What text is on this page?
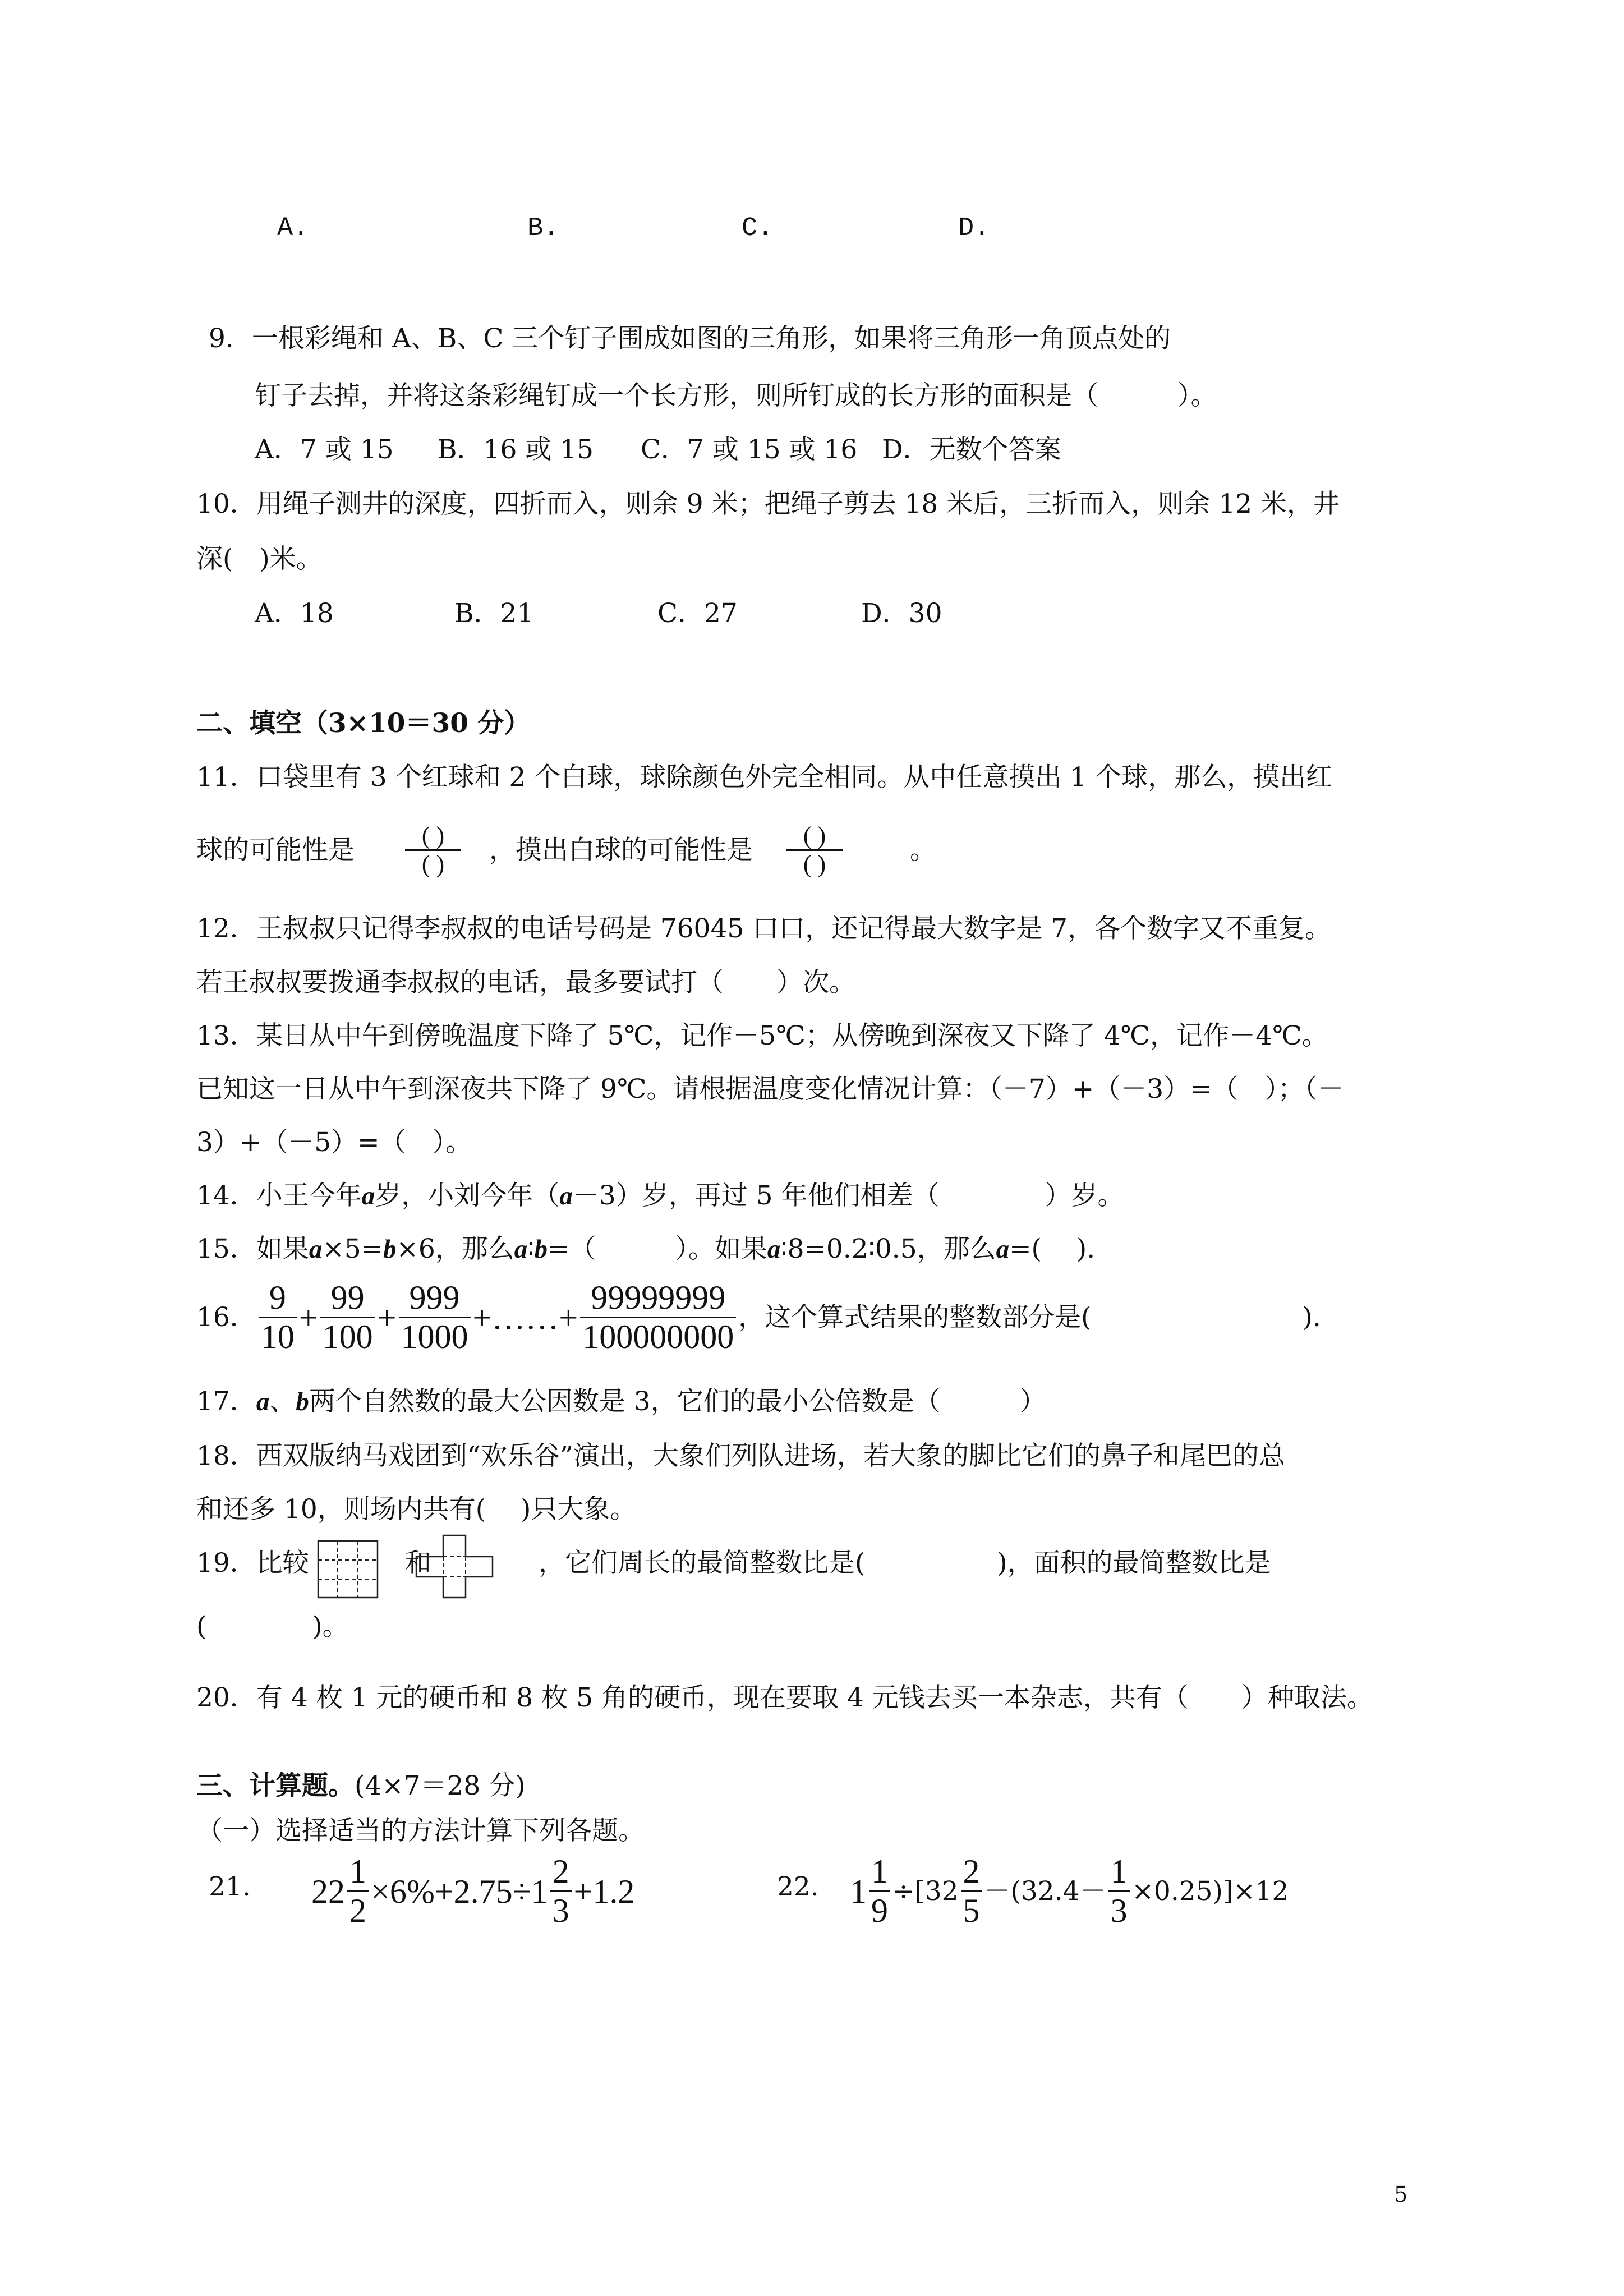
A.	B.	C.	D.
9．一根彩绳和 A、B、C 三个钉子围成如图的三角形，如果将三角形一角顶点处的
钉子去掉，并将这条彩绳钉成一个长方形，则所钉成的长方形的面积是（　　　）。
A．7 或 15 B．16 或 15 C．7 或 15 或 16 D．无数个答案
10．用绳子测井的深度，四折而入，则余 9 米；把绳子剪去 18 米后，三折而入，则余 12 米，井
深(　)米。
A．18	B．21	C．27	D．30
二、填空（3×10＝30 分）
11．口袋里有 3 个红球和 2 个白球，球除颜色外完全相同。从中任意摸出 1 个球，那么，摸出红
球的可能性是 $\frac{( )}{( )}$ ，摸出白球的可能性是 $\frac{( )}{( )}$ 。
12．王叔叔只记得李叔叔的电话号码是 76045 口口，还记得最大数字是 7，各个数字又不重复。
若王叔叔要拨通李叔叔的电话，最多要试打（　　）次。
13．某日从中午到傍晚温度下降了 5℃，记作－5℃；从傍晚到深夜又下降了 4℃，记作－4℃。
已知这一日从中午到深夜共下降了 9℃。请根据温度变化情况计算：（－7）+（－3）=（　）；（－
3）+（－5）=（　）。
14．小王今年a岁，小刘今年（a－3）岁，再过 5 年他们相差（　　　　）岁。
15．如果a×5=b×6，那么a∶b=（　　　）。如果a∶8=0.2∶0.5，那么a=(　 ).
16． $\frac{9}{10} + \frac{99}{100} + \frac{999}{1000}$ +……+ $\frac{99999999}{100000000}$ ，这个算式结果的整数部分是(　　　　　　　　).
17．a、b两个自然数的最大公因数是 3，它们的最小公倍数是（　　　）
18．西双版纳马戏团到“欢乐谷”演出，大象们列队进场，若大象的脚比它们的鼻子和尾巴的总
和还多 10，则场内共有(　 )只大象。
19．比较	和	，它们周长的最简整数比是(　　　　　)，面积的最简整数比是
(　　　　)。
20．有 4 枚 1 元的硬币和 8 枚 5 角的硬币，现在要取 4 元钱去买一本杂志，共有（　　）种取法。
三、计算题。(4×7＝28 分)
（一）选择适当的方法计算下列各题。
21. $22 \frac{1}{2} \times 6\%+2.75\div 1 \frac{2}{3} +1.2$	22. $1 \frac{1}{9} \div[32 \frac{2}{5} -(32.4- \frac{1}{3} \times 0.25)]\times 12$
5
